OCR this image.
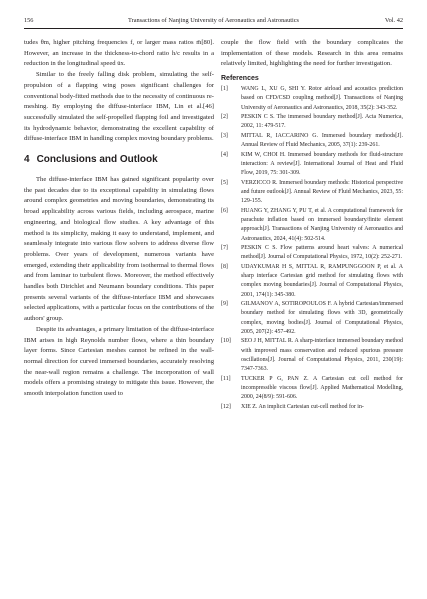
156	Transactions of Nanjing University of Aeronautics and Astronautics	Vol. 42

tudes θm, higher pitching frequencies f, or larger mass ratios m̄[80]. However, an increase in the thickness-to-chord ratio h/c results in a reduction in the longitudinal speed ūx.

Similar to the freely falling disk problem, simulating the self-propulsion of a flapping wing poses significant challenges for conventional body-fitted methods due to the necessity of continuous re-meshing. By employing the diffuse-interface IBM, Lin et al.[46] successfully simulated the self-propelled flapping foil and investigated its hydrodynamic behavior, demonstrating the excellent capability of diffuse-interface IBM in handling complex moving boundary problems.

4 Conclusions and Outlook

The diffuse-interface IBM has gained significant popularity over the past decades due to its exceptional capability in simulating flows around complex geometries and moving boundaries, demonstrating its broad applicability across various fields, including aerospace, marine engineering, and biological flow studies. A key advantage of this method is its simplicity, making it easy to understand, implement, and seamlessly integrate into various flow solvers to address diverse flow problems. Over years of development, numerous variants have emerged, extending their applicability from isothermal to thermal flows and from laminar to turbulent flows. Moreover, the method effectively handles both Dirichlet and Neumann boundary conditions. This paper presents several variants of the diffuse-interface IBM and showcases selected applications, with a particular focus on the contributions of the authors' group.

Despite its advantages, a primary limitation of the diffuse-interface IBM arises in high Reynolds number flows, where a thin boundary layer forms. Since Cartesian meshes cannot be refined in the wall-normal direction for curved immersed boundaries, accurately resolving the near-wall region remains a challenge. The incorporation of wall models offers a promising strategy to mitigate this issue. However, the smooth interpolation function used to

couple the flow field with the boundary complicates the implementation of these models. Research in this area remains relatively limited, highlighting the need for further investigation.

References
[1] WANG L, XU G, SHI Y. Rotor airload and acoustics prediction based on CFD/CSD coupling method[J]. Transactions of Nanjing University of Aeronautics and Astronautics, 2018, 35(2): 343-352.
[2] PESKIN C S. The immersed boundary method[J]. Acta Numerica, 2002, 11: 479-517.
[3] MITTAL R, IACCARINO G. Immersed boundary methods[J]. Annual Review of Fluid Mechanics, 2005, 37(1): 239-261.
[4] KIM W, CHOI H. Immersed boundary methods for fluid-structure interaction: A review[J]. International Journal of Heat and Fluid Flow, 2019, 75: 301-309.
[5] VERZICCO R. Immersed boundary methods: Historical perspective and future outlook[J]. Annual Review of Fluid Mechanics, 2023, 55: 129-155.
[6] HUANG Y, ZHANG Y, PU T, et al. A computational framework for parachute inflation based on immersed boundary/finite element approach[J]. Transactions of Nanjing University of Aeronautics and Astronautics, 2024, 41(4): 502-514.
[7] PESKIN C S. Flow patterns around heart valves: A numerical method[J]. Journal of Computational Physics, 1972, 10(2): 252-271.
[8] UDAYKUMAR H S, MITTAL R, RAMPUNGGOON P, et al. A sharp interface Cartesian grid method for simulating flows with complex moving boundaries[J]. Journal of Computational Physics, 2001, 174(1): 345-380.
[9] GILMANOV A, SOTIROPOULOS F. A hybrid Cartesian/immersed boundary method for simulating flows with 3D, geometrically complex, moving bodies[J]. Journal of Computational Physics, 2005, 207(2): 457-492.
[10] SEO J H, MITTAL R. A sharp-interface immersed boundary method with improved mass conservation and reduced spurious pressure oscillations[J]. Journal of Computational Physics, 2011, 230(19): 7347-7363.
[11] TUCKER P G, PAN Z. A Cartesian cut cell method for incompressible viscous flow[J]. Applied Mathematical Modelling, 2000, 24(8/9): 591-606.
[12] XIE Z. An implicit Cartesian cut-cell method for in-
